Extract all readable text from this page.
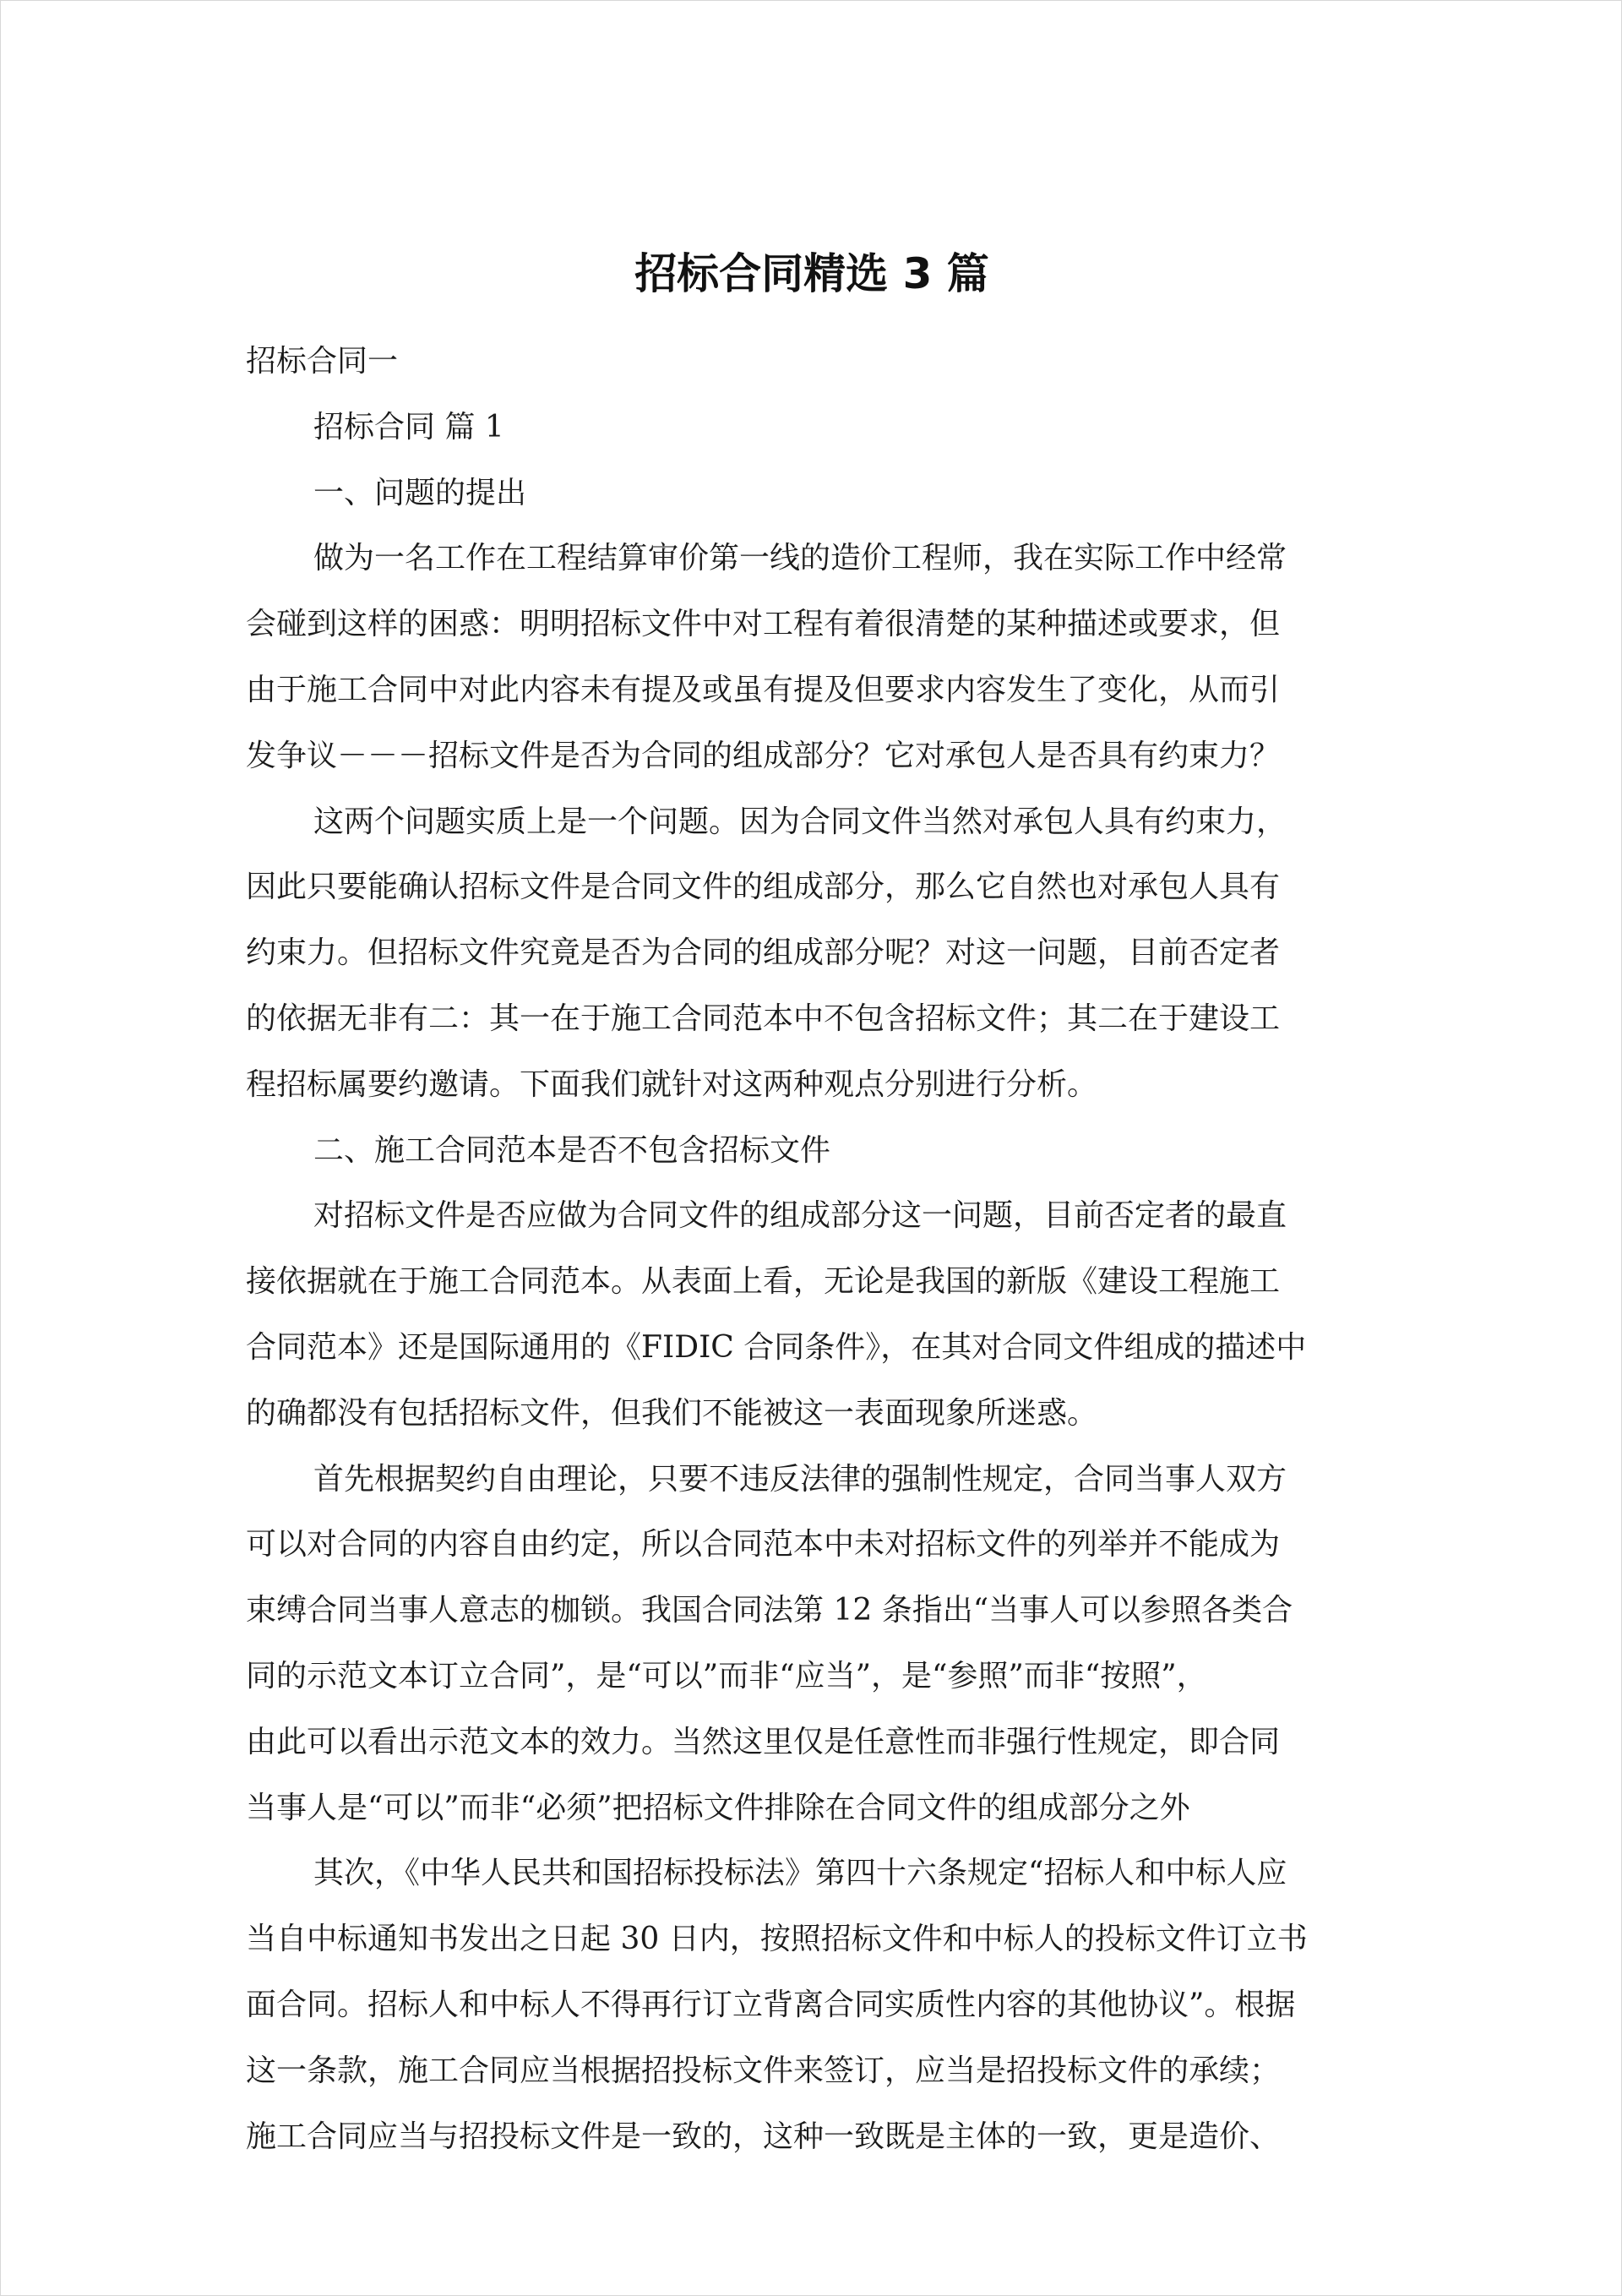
招标合同精选 3 篇
招标合同一
招标合同 篇 1
一、问题的提出
做为一名工作在工程结算审价第一线的造价工程师，我在实际工作中经常
会碰到这样的困惑：明明招标文件中对工程有着很清楚的某种描述或要求，但
由于施工合同中对此内容未有提及或虽有提及但要求内容发生了变化，从而引
发争议－－－招标文件是否为合同的组成部分？它对承包人是否具有约束力？
这两个问题实质上是一个问题。因为合同文件当然对承包人具有约束力，
因此只要能确认招标文件是合同文件的组成部分，那么它自然也对承包人具有
约束力。但招标文件究竟是否为合同的组成部分呢？对这一问题，目前否定者
的依据无非有二：其一在于施工合同范本中不包含招标文件；其二在于建设工
程招标属要约邀请。下面我们就针对这两种观点分别进行分析。
二、施工合同范本是否不包含招标文件
对招标文件是否应做为合同文件的组成部分这一问题，目前否定者的最直
接依据就在于施工合同范本。从表面上看，无论是我国的新版《建设工程施工
合同范本》还是国际通用的《FIDIC 合同条件》，在其对合同文件组成的描述中
的确都没有包括招标文件，但我们不能被这一表面现象所迷惑。
首先根据契约自由理论，只要不违反法律的强制性规定，合同当事人双方
可以对合同的内容自由约定，所以合同范本中未对招标文件的列举并不能成为
束缚合同当事人意志的枷锁。我国合同法第 12 条指出“当事人可以参照各类合
同的示范文本订立合同”，是“可以”而非“应当”，是“参照”而非“按照”，
由此可以看出示范文本的效力。当然这里仅是任意性而非强行性规定，即合同
当事人是“可以”而非“必须”把招标文件排除在合同文件的组成部分之外
其次，《中华人民共和国招标投标法》第四十六条规定“招标人和中标人应
当自中标通知书发出之日起 30 日内，按照招标文件和中标人的投标文件订立书
面合同。招标人和中标人不得再行订立背离合同实质性内容的其他协议”。根据
这一条款，施工合同应当根据招投标文件来签订，应当是招投标文件的承续；
施工合同应当与招投标文件是一致的，这种一致既是主体的一致，更是造价、
